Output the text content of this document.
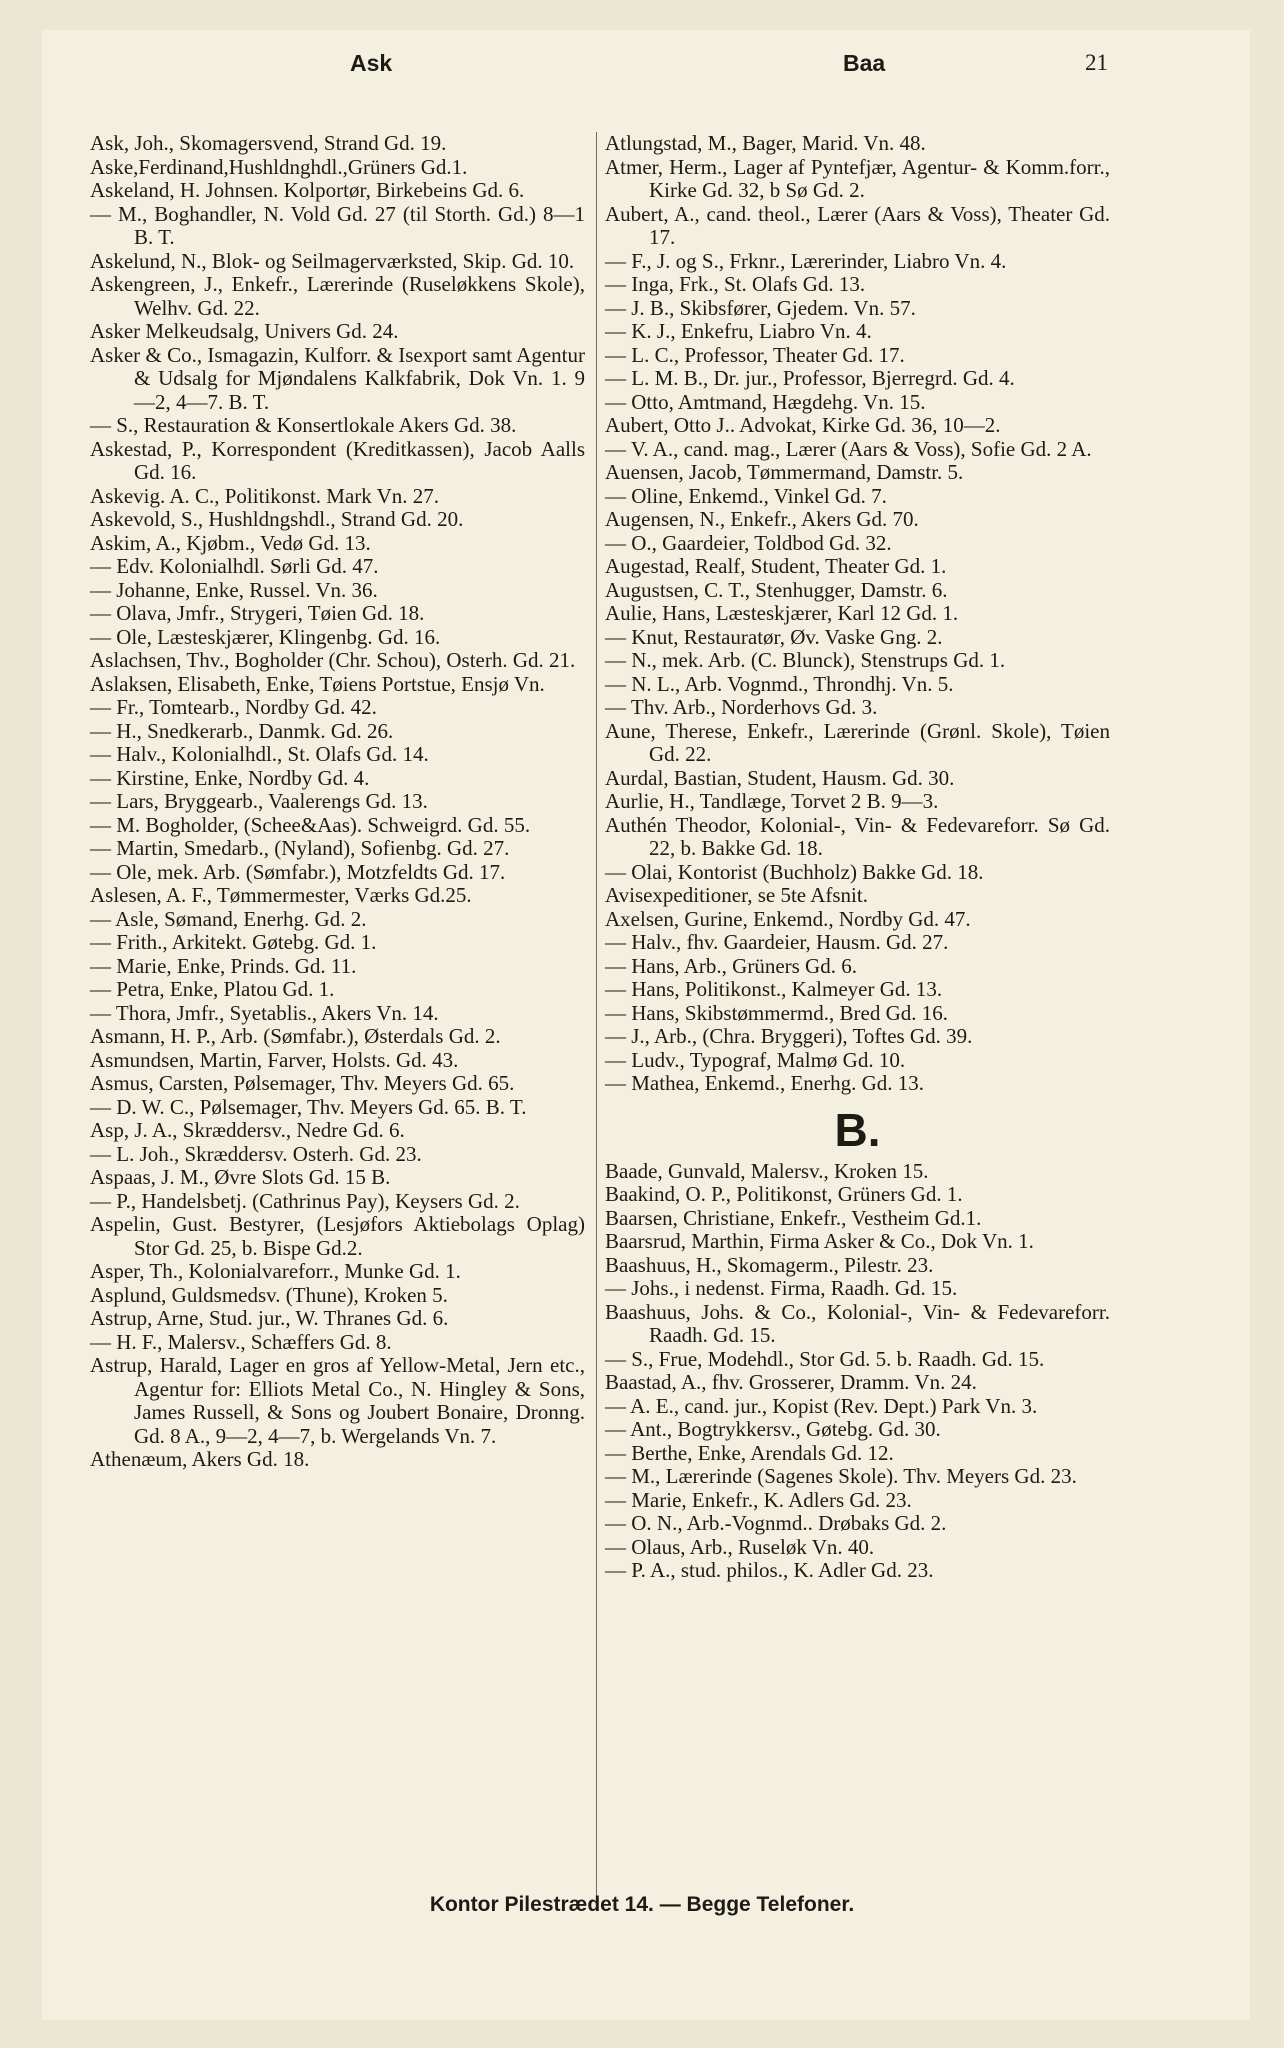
Ask	Baa	21

Ask, Joh., Skomagersvend, Strand Gd. 19.

Aske,Ferdinand,Hushldnghdl.,Grüners Gd.1.

Askeland, H. Johnsen. Kolportør, Birkebeins Gd. 6.

— M., Boghandler, N. Vold Gd. 27 (til Storth. Gd.) 8—1 B. T.

Askelund, N., Blok- og Seilmagerværksted, Skip. Gd. 10.

Askengreen, J., Enkefr., Lærerinde (Ruseløkkens Skole), Welhv. Gd. 22.

Asker Melkeudsalg, Univers Gd. 24.

Asker & Co., Ismagazin, Kulforr. & Isexport samt Agentur & Udsalg for Mjøndalens Kalkfabrik, Dok Vn. 1. 9—2, 4—7. B. T.

— S., Restauration & Konsertlokale Akers Gd. 38.

Askestad, P., Korrespondent (Kreditkassen), Jacob Aalls Gd. 16.

Askevig. A. C., Politikonst. Mark Vn. 27.

Askevold, S., Hushldngshdl., Strand Gd. 20.

Askim, A., Kjøbm., Vedø Gd. 13.

— Edv. Kolonialhdl. Sørli Gd. 47.

— Johanne, Enke, Russel. Vn. 36.

— Olava, Jmfr., Strygeri, Tøien Gd. 18.

— Ole, Læsteskjærer, Klingenbg. Gd. 16.

Aslachsen, Thv., Bogholder (Chr. Schou), Osterh. Gd. 21.

Aslaksen, Elisabeth, Enke, Tøiens Portstue, Ensjø Vn.

— Fr., Tomtearb., Nordby Gd. 42.

— H., Snedkerarb., Danmk. Gd. 26.

— Halv., Kolonialhdl., St. Olafs Gd. 14.

— Kirstine, Enke, Nordby Gd. 4.

— Lars, Bryggearb., Vaalerengs Gd. 13.

— M. Bogholder, (Schee&Aas). Schweigrd. Gd. 55.

— Martin, Smedarb., (Nyland), Sofienbg. Gd. 27.

— Ole, mek. Arb. (Sømfabr.), Motzfeldts Gd. 17.

Aslesen, A. F., Tømmermester, Værks Gd.25.

— Asle, Sømand, Enerhg. Gd. 2.

— Frith., Arkitekt. Gøtebg. Gd. 1.

— Marie, Enke, Prinds. Gd. 11.

— Petra, Enke, Platou Gd. 1.

— Thora, Jmfr., Syetablis., Akers Vn. 14.

Asmann, H. P., Arb. (Sømfabr.), Østerdals Gd. 2.

Asmundsen, Martin, Farver, Holsts. Gd. 43.

Asmus, Carsten, Pølsemager, Thv. Meyers Gd. 65.

— D. W. C., Pølsemager, Thv. Meyers Gd. 65. B. T.

Asp, J. A., Skræddersv., Nedre Gd. 6.

— L. Joh., Skræddersv. Osterh. Gd. 23.

Aspaas, J. M., Øvre Slots Gd. 15 B.

— P., Handelsbetj. (Cathrinus Pay), Keysers Gd. 2.

Aspelin, Gust. Bestyrer, (Lesjøfors Aktiebolags Oplag) Stor Gd. 25, b. Bispe Gd.2.

Asper, Th., Kolonialvareforr., Munke Gd. 1.

Asplund, Guldsmedsv. (Thune), Kroken 5.

Astrup, Arne, Stud. jur., W. Thranes Gd. 6.

— H. F., Malersv., Schæffers Gd. 8.

Astrup, Harald, Lager en gros af Yellow-Metal, Jern etc., Agentur for: Elliots Metal Co., N. Hingley & Sons, James Russell, & Sons og Joubert Bonaire, Dronng. Gd. 8 A., 9—2, 4—7, b. Wergelands Vn. 7.

Athenæum, Akers Gd. 18.

Atlungstad, M., Bager, Marid. Vn. 48.

Atmer, Herm., Lager af Pyntefjær, Agentur- & Komm.forr., Kirke Gd. 32, b Sø Gd. 2.

Aubert, A., cand. theol., Lærer (Aars & Voss), Theater Gd. 17.

— F., J. og S., Frknr., Lærerinder, Liabro Vn. 4.

— Inga, Frk., St. Olafs Gd. 13.

— J. B., Skibsfører, Gjedem. Vn. 57.

— K. J., Enkefru, Liabro Vn. 4.

— L. C., Professor, Theater Gd. 17.

— L. M. B., Dr. jur., Professor, Bjerregrd. Gd. 4.

— Otto, Amtmand, Hægdehg. Vn. 15.

Aubert, Otto J.. Advokat, Kirke Gd. 36, 10—2.

— V. A., cand. mag., Lærer (Aars & Voss), Sofie Gd. 2 A.

Auensen, Jacob, Tømmermand, Damstr. 5.

— Oline, Enkemd., Vinkel Gd. 7.

Augensen, N., Enkefr., Akers Gd. 70.

— O., Gaardeier, Toldbod Gd. 32.

Augestad, Realf, Student, Theater Gd. 1.

Augustsen, C. T., Stenhugger, Damstr. 6.

Aulie, Hans, Læsteskjærer, Karl 12 Gd. 1.

— Knut, Restauratør, Øv. Vaske Gng. 2.

— N., mek. Arb. (C. Blunck), Stenstrups Gd. 1.

— N. L., Arb. Vognmd., Throndhj. Vn. 5.

— Thv. Arb., Norderhovs Gd. 3.

Aune, Therese, Enkefr., Lærerinde (Grønl. Skole), Tøien Gd. 22.

Aurdal, Bastian, Student, Hausm. Gd. 30.

Aurlie, H., Tandlæge, Torvet 2 B. 9—3.

Authén Theodor, Kolonial-, Vin- & Fedevareforr. Sø Gd. 22, b. Bakke Gd. 18.

— Olai, Kontorist (Buchholz) Bakke Gd. 18.

Avisexpeditioner, se 5te Afsnit.

Axelsen, Gurine, Enkemd., Nordby Gd. 47.

— Halv., fhv. Gaardeier, Hausm. Gd. 27.

— Hans, Arb., Grüners Gd. 6.

— Hans, Politikonst., Kalmeyer Gd. 13.

— Hans, Skibstømmermd., Bred Gd. 16.

— J., Arb., (Chra. Bryggeri), Toftes Gd. 39.

— Ludv., Typograf, Malmø Gd. 10.

— Mathea, Enkemd., Enerhg. Gd. 13.

B.

Baade, Gunvald, Malersv., Kroken 15.

Baakind, O. P., Politikonst, Grüners Gd. 1.

Baarsen, Christiane, Enkefr., Vestheim Gd.1.

Baarsrud, Marthin, Firma Asker & Co., Dok Vn. 1.

Baashuus, H., Skomagerm., Pilestr. 23.

— Johs., i nedenst. Firma, Raadh. Gd. 15.

Baashuus, Johs. & Co., Kolonial-, Vin- & Fedevareforr. Raadh. Gd. 15.

— S., Frue, Modehdl., Stor Gd. 5. b. Raadh. Gd. 15.

Baastad, A., fhv. Grosserer, Dramm. Vn. 24.

— A. E., cand. jur., Kopist (Rev. Dept.) Park Vn. 3.

— Ant., Bogtrykkersv., Gøtebg. Gd. 30.

— Berthe, Enke, Arendals Gd. 12.

— M., Lærerinde (Sagenes Skole). Thv. Meyers Gd. 23.

— Marie, Enkefr., K. Adlers Gd. 23.

— O. N., Arb.-Vognmd.. Drøbaks Gd. 2.

— Olaus, Arb., Ruseløk Vn. 40.

— P. A., stud. philos., K. Adler Gd. 23.

Kontor Pilestrædet 14. — Begge Telefoner.
